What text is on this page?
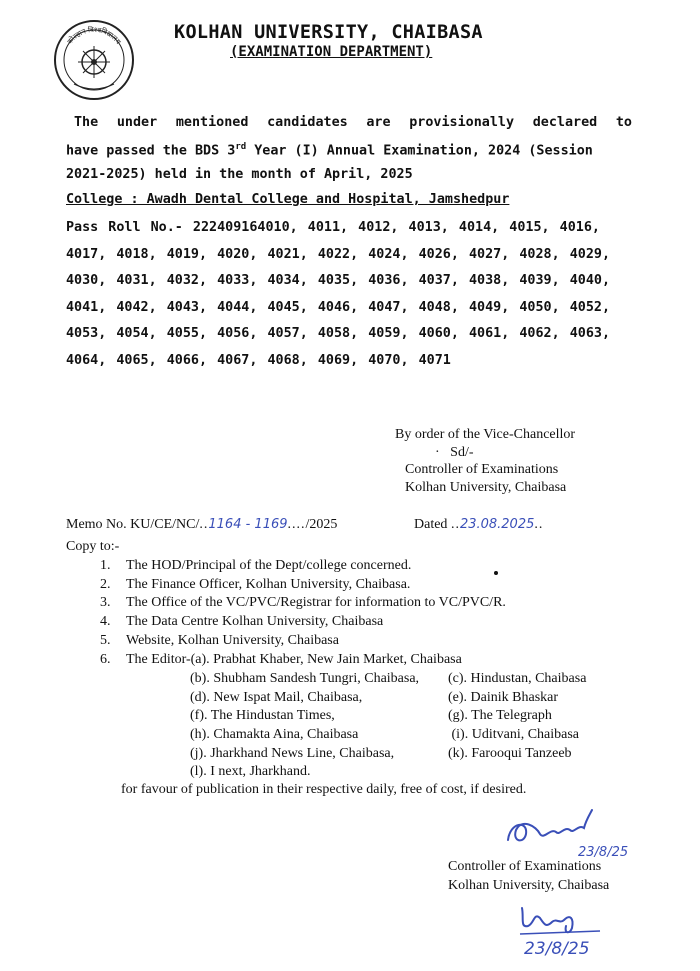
कोल्हान विश्वविद्यालय	KOLHAN UNIVERSITY, CHAIBASA
(EXAMINATION DEPARTMENT)
The under mentioned candidates are provisionally declared to
have passed the BDS 3rd Year (I) Annual Examination, 2024 (Session
2021-2025) held in the month of April, 2025
College : Awadh Dental College and Hospital, Jamshedpur
Pass Roll No.- 222409164010, 4011, 4012, 4013, 4014, 4015, 4016, 4017, 4018, 4019, 4020, 4021, 4022, 4024, 4026, 4027, 4028, 4029, 4030, 4031, 4032, 4033, 4034, 4035, 4036, 4037, 4038, 4039, 4040, 4041, 4042, 4043, 4044, 4045, 4046, 4047, 4048, 4049, 4050, 4052, 4053, 4054, 4055, 4056, 4057, 4058, 4059, 4060, 4061, 4062, 4063, 4064, 4065, 4066, 4067, 4068, 4069, 4070, 4071
By order of the Vice-Chancellor
·   Sd/-
Controller of Examinations
Kolhan University, Chaibasa
Memo No. KU/CE/NC/..1164 - 1169..../2025	Dated ..23.08.2025..
Copy to:-
1. The HOD/Principal of the Dept/college concerned.
2. The Finance Officer, Kolhan University, Chaibasa.
3. The Office of the VC/PVC/Registrar for information to VC/PVC/R.
4. The Data Centre Kolhan University, Chaibasa
5. Website, Kolhan University, Chaibasa
6. The Editor-(a). Prabhat Khaber, New Jain Market, Chaibasa
(b). Shubham Sandesh Tungri, Chaibasa, (c). Hindustan, Chaibasa
(d). New Ispat Mail, Chaibasa,	(e). Dainik Bhaskar
(f). The Hindustan Times,	(g). The Telegraph
(h). Chamakta Aina, Chaibasa	(i). Uditvani, Chaibasa
(j). Jharkhand News Line, Chaibasa,	(k). Farooqui Tanzeeb
(l). I next, Jharkhand.
for favour of publication in their respective daily, free of cost, if desired.
23/8/25
Controller of Examinations
Kolhan University, Chaibasa
23/8/25
